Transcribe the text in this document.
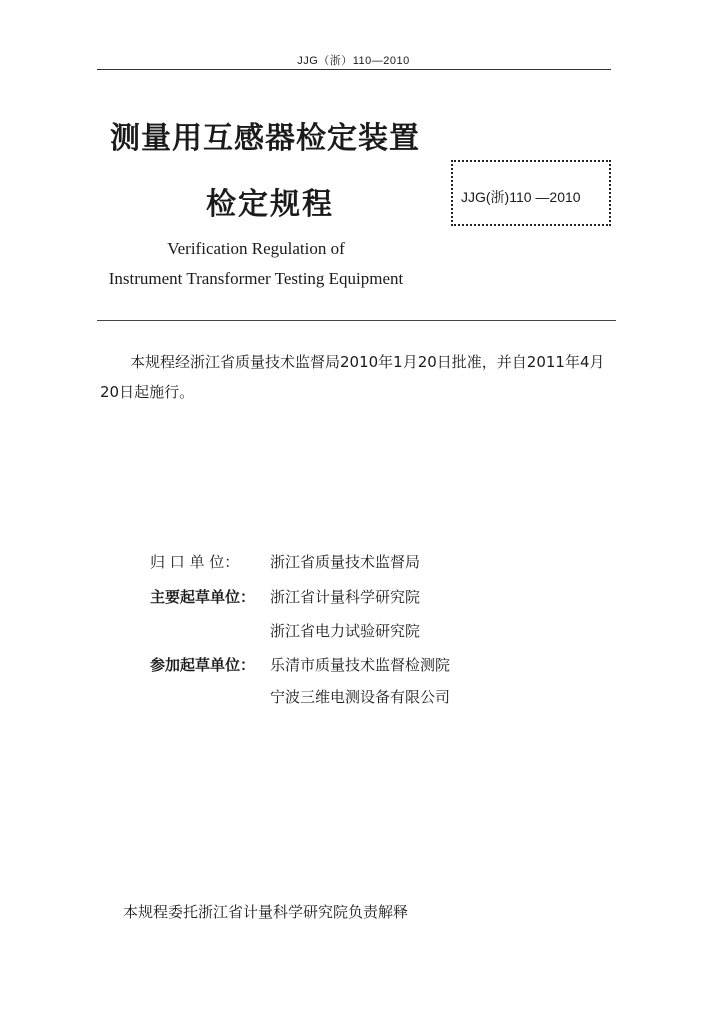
JJG（浙）110—2010
测量用互感器检定装置
检定规程	JJG(浙)110 —2010
Verification Regulation of
Instrument Transformer Testing Equipment
本规程经浙江省质量技术监督局2010年1月20日批准，并自2011年4月20日起施行。
归 口 单 位： 浙江省质量技术监督局
主要起草单位： 浙江省计量科学研究院
浙江省电力试验研究院
参加起草单位： 乐清市质量技术监督检测院
宁波三维电测设备有限公司
本规程委托浙江省计量科学研究院负责解释
